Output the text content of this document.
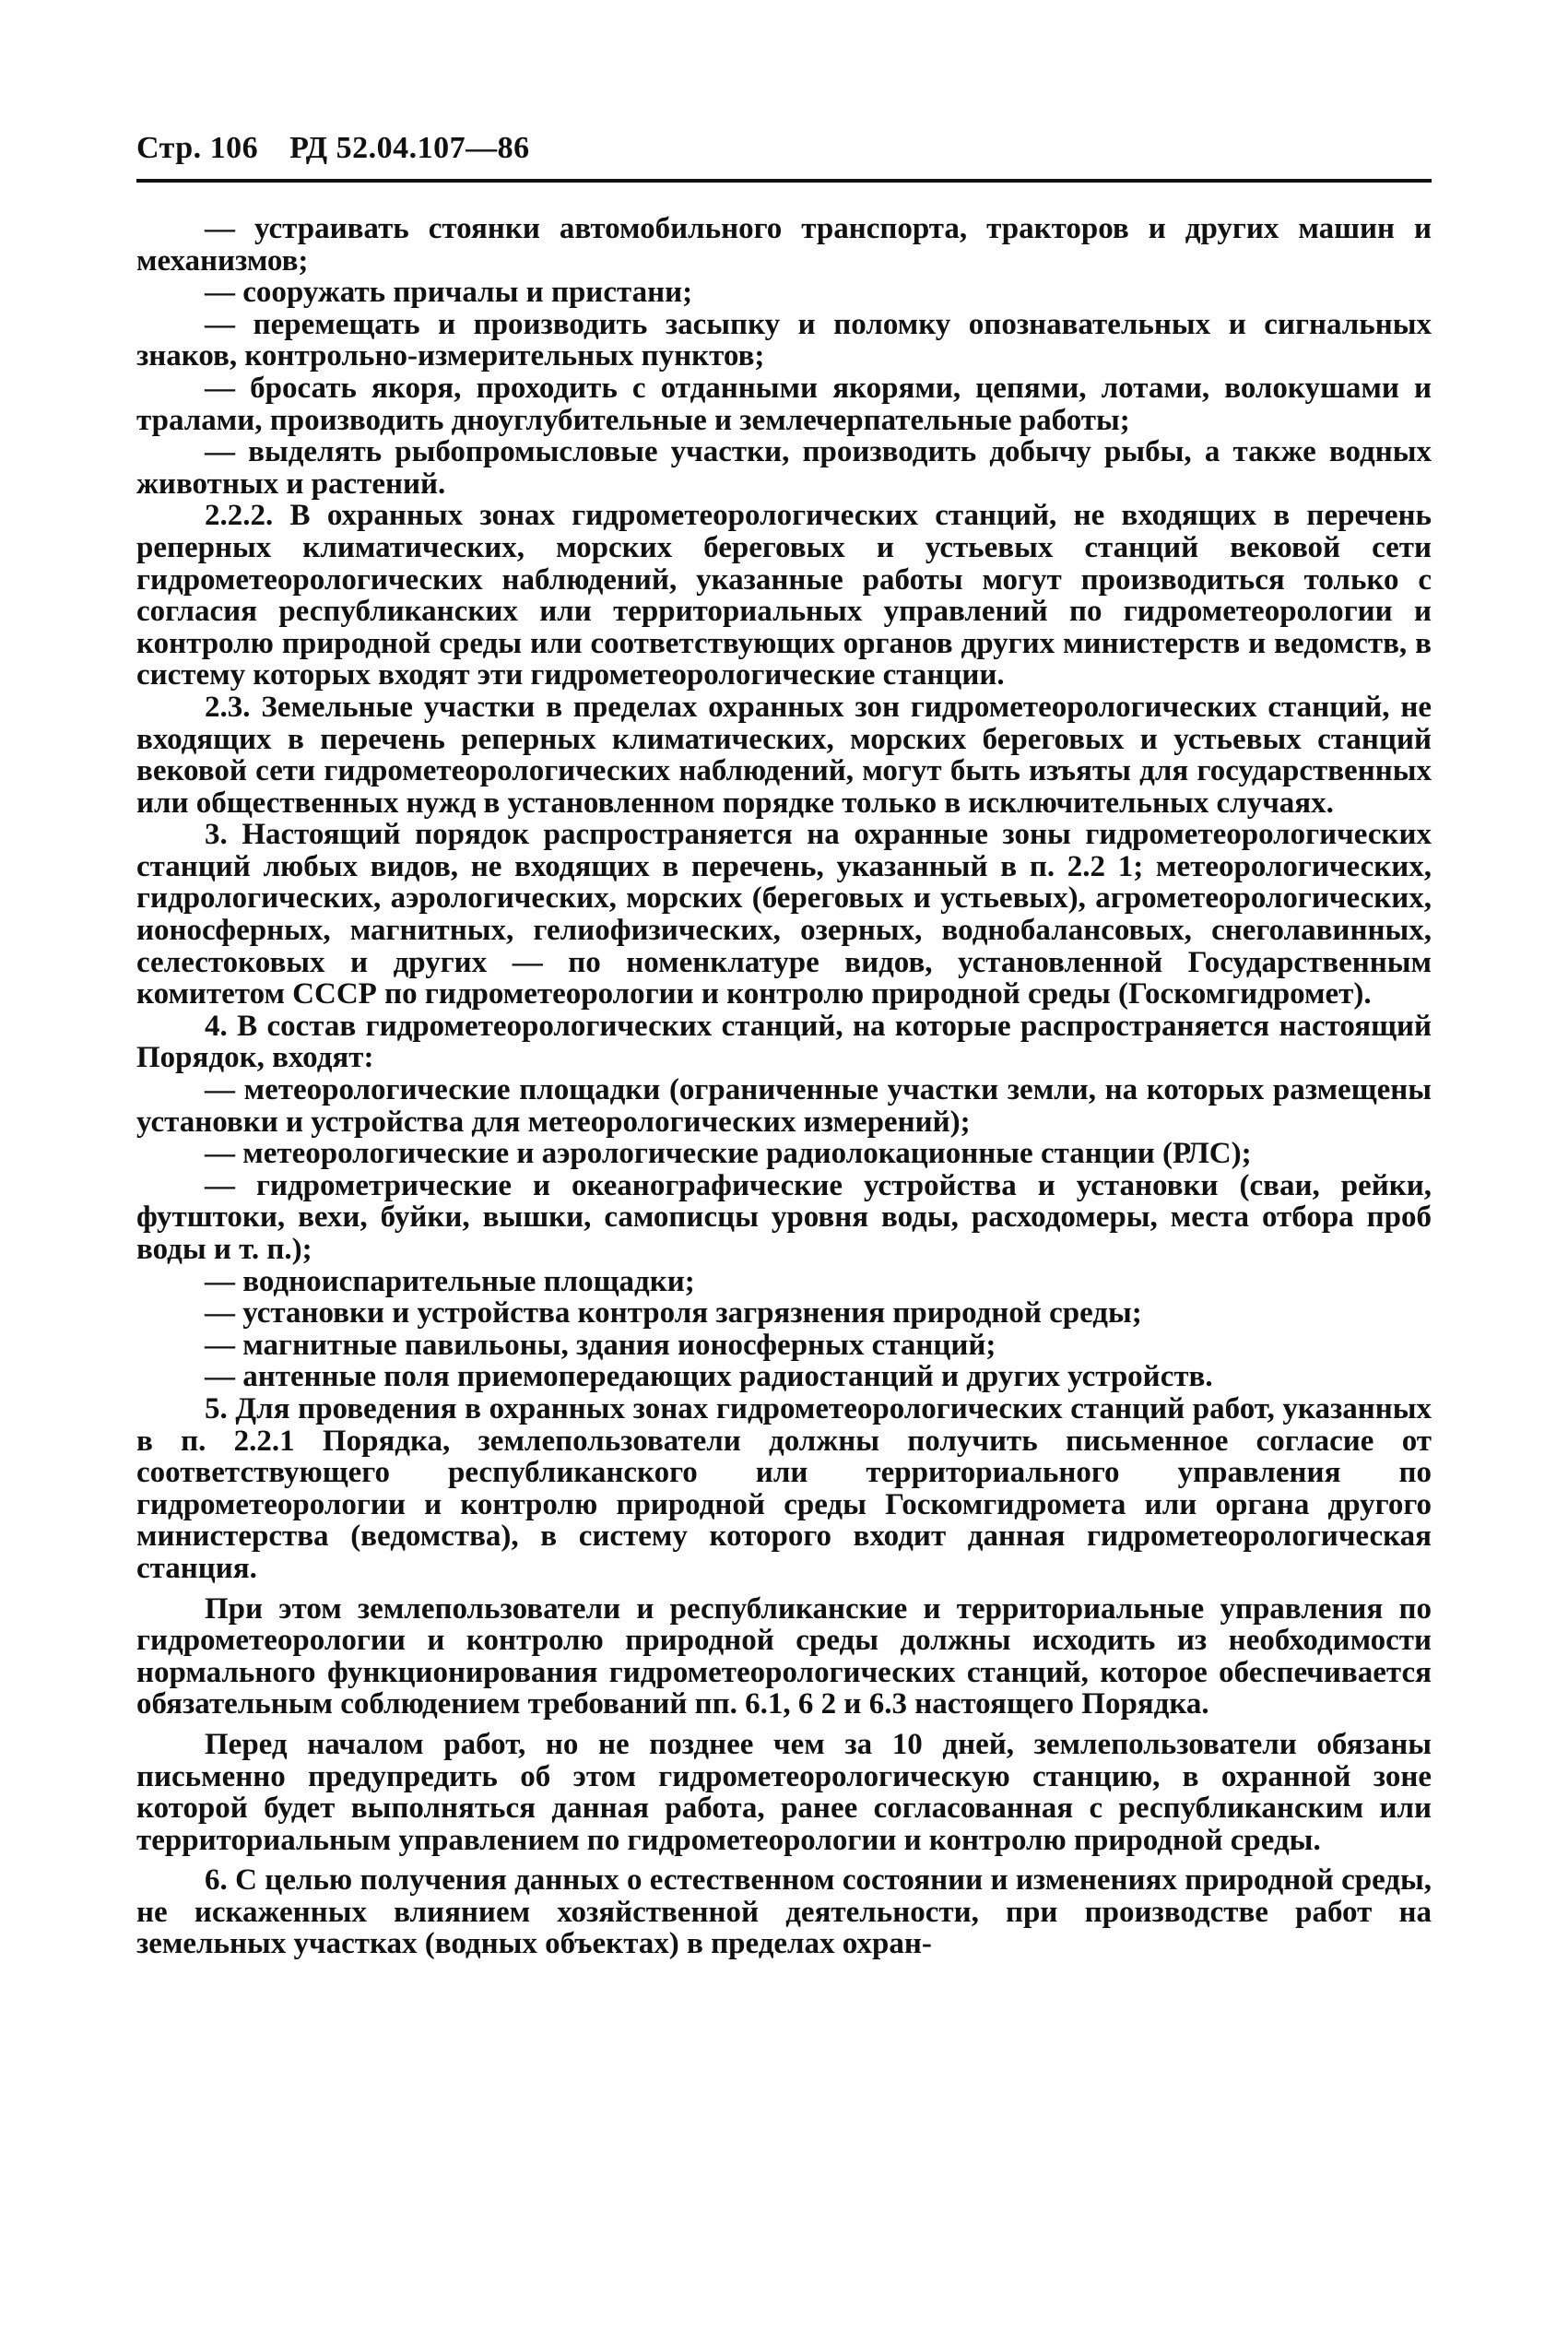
Стр. 106 РД 52.04.107—86

— устраивать стоянки автомобильного транспорта, тракторов и других машин и механизмов;

— сооружать причалы и пристани;

— перемещать и производить засыпку и поломку опознавательных и сигнальных знаков, контрольно-измерительных пунктов;

— бросать якоря, проходить с отданными якорями, цепями, лотами, волокушами и тралами, производить дноуглубительные и землечерпательные работы;

— выделять рыбопромысловые участки, производить добычу рыбы, а также водных животных и растений.

2.2.2. В охранных зонах гидрометеорологических станций, не входящих в перечень реперных климатических, морских береговых и устьевых станций вековой сети гидрометеорологических наблюдений, указанные работы могут производиться только с согласия республиканских или территориальных управлений по гидрометеорологии и контролю природной среды или соответствующих органов других министерств и ведомств, в систему которых входят эти гидрометеорологические станции.

2.3. Земельные участки в пределах охранных зон гидрометеорологических станций, не входящих в перечень реперных климатических, морских береговых и устьевых станций вековой сети гидрометеорологических наблюдений, могут быть изъяты для государственных или общественных нужд в установленном порядке только в исключительных случаях.

3. Настоящий порядок распространяется на охранные зоны гидрометеорологических станций любых видов, не входящих в перечень, указанный в п. 2.2 1; метеорологических, гидрологических, аэрологических, морских (береговых и устьевых), агрометеорологических, ионосферных, магнитных, гелиофизических, озерных, воднобалансовых, снеголавинных, селестоковых и других — по номенклатуре видов, установленной Государственным комитетом СССР по гидрометеорологии и контролю природной среды (Госкомгидромет).

4. В состав гидрометеорологических станций, на которые распространяется настоящий Порядок, входят:

— метеорологические площадки (ограниченные участки земли, на которых размещены установки и устройства для метеорологических измерений);

— метеорологические и аэрологические радиолокационные станции (РЛС);

— гидрометрические и океанографические устройства и установки (сваи, рейки, футштоки, вехи, буйки, вышки, самописцы уровня воды, расходомеры, места отбора проб воды и т. п.);

— водноиспарительные площадки;

— установки и устройства контроля загрязнения природной среды;

— магнитные павильоны, здания ионосферных станций;

— антенные поля приемопередающих радиостанций и других устройств.

5. Для проведения в охранных зонах гидрометеорологических станций работ, указанных в п. 2.2.1 Порядка, землепользователи должны получить письменное согласие от соответствующего республиканского или территориального управления по гидрометеорологии и контролю природной среды Госкомгидромета или органа другого министерства (ведомства), в систему которого входит данная гидрометеорологическая станция.

При этом землепользователи и республиканские и территориальные управления по гидрометеорологии и контролю природной среды должны исходить из необходимости нормального функционирования гидрометеорологических станций, которое обеспечивается обязательным соблюдением требований пп. 6.1, 6 2 и 6.3 настоящего Порядка.

Перед началом работ, но не позднее чем за 10 дней, землепользователи обязаны письменно предупредить об этом гидрометеорологическую станцию, в охранной зоне которой будет выполняться данная работа, ранее согласованная с республиканским или территориальным управлением по гидрометеорологии и контролю природной среды.

6. С целью получения данных о естественном состоянии и изменениях природной среды, не искаженных влиянием хозяйственной деятельности, при производстве работ на земельных участках (водных объектах) в пределах охран-
